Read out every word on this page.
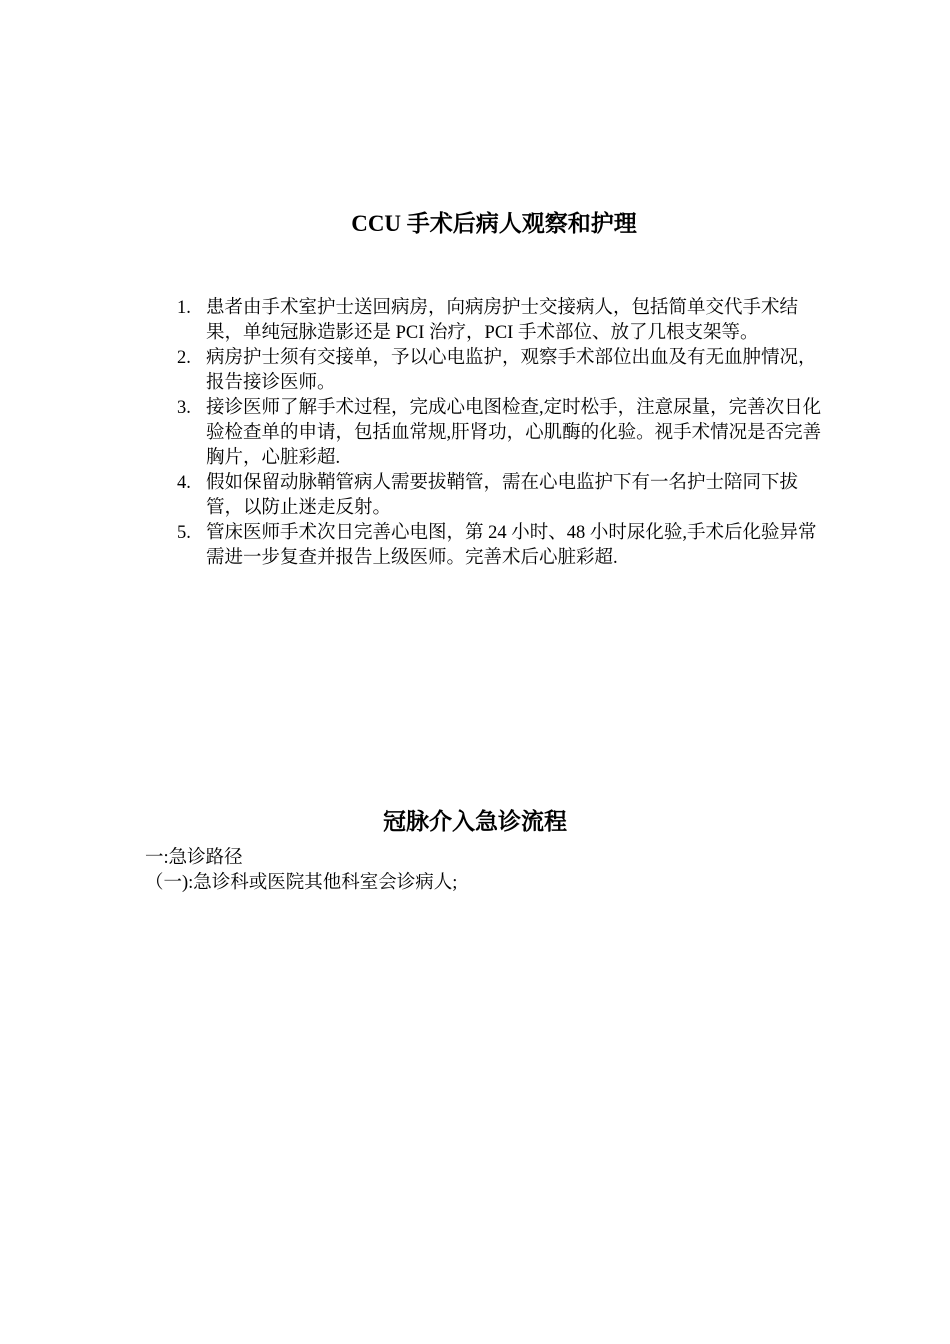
CCU 手术后病人观察和护理
1. 患者由手术室护士送回病房，向病房护士交接病人，包括简单交代手术结果，单纯冠脉造影还是 PCI 治疗，PCI 手术部位、放了几根支架等。
2. 病房护士须有交接单，予以心电监护，观察手术部位出血及有无血肿情况，报告接诊医师。
3. 接诊医师了解手术过程，完成心电图检查,定时松手，注意尿量，完善次日化验检查单的申请，包括血常规,肝肾功，心肌酶的化验。视手术情况是否完善胸片，心脏彩超.
4. 假如保留动脉鞘管病人需要拔鞘管，需在心电监护下有一名护士陪同下拔管，以防止迷走反射。
5. 管床医师手术次日完善心电图，第 24 小时、48 小时尿化验,手术后化验异常需进一步复查并报告上级医师。完善术后心脏彩超.
冠脉介入急诊流程
一:急诊路径
（一):急诊科或医院其他科室会诊病人;
